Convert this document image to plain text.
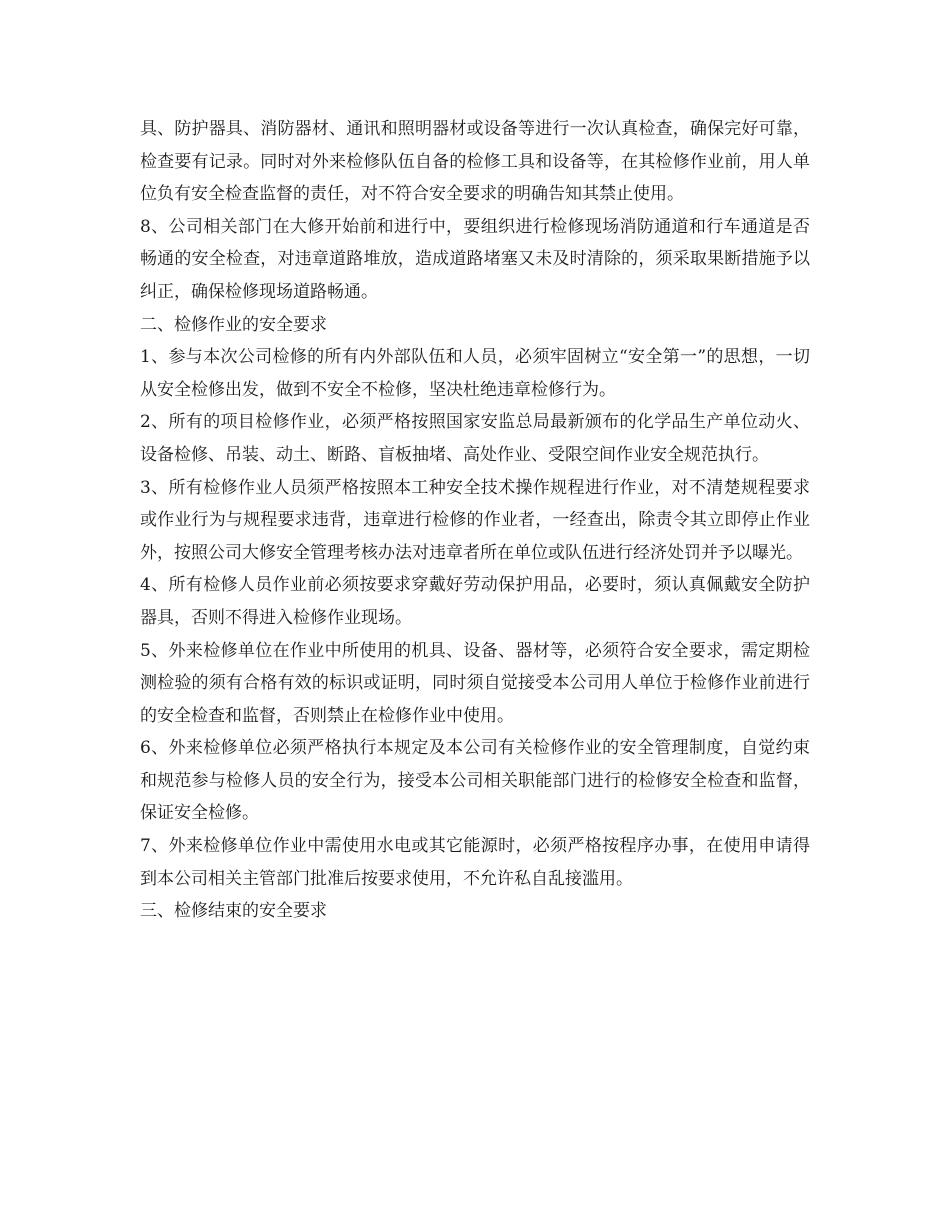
具、防护器具、消防器材、通讯和照明器材或设备等进行一次认真检查，确保完好可靠，检查要有记录。同时对外来检修队伍自备的检修工具和设备等，在其检修作业前，用人单位负有安全检查监督的责任，对不符合安全要求的明确告知其禁止使用。

8、公司相关部门在大修开始前和进行中，要组织进行检修现场消防通道和行车通道是否畅通的安全检查，对违章道路堆放，造成道路堵塞又未及时清除的，须采取果断措施予以纠正，确保检修现场道路畅通。

二、检修作业的安全要求

1、参与本次公司检修的所有内外部队伍和人员，必须牢固树立“安全第一”的思想，一切从安全检修出发，做到不安全不检修，坚决杜绝违章检修行为。

2、所有的项目检修作业，必须严格按照国家安监总局最新颁布的化学品生产单位动火、设备检修、吊装、动土、断路、盲板抽堵、高处作业、受限空间作业安全规范执行。

3、所有检修作业人员须严格按照本工种安全技术操作规程进行作业，对不清楚规程要求或作业行为与规程要求违背，违章进行检修的作业者，一经查出，除责令其立即停止作业外，按照公司大修安全管理考核办法对违章者所在单位或队伍进行经济处罚并予以曝光。

4、所有检修人员作业前必须按要求穿戴好劳动保护用品，必要时，须认真佩戴安全防护器具，否则不得进入检修作业现场。

5、外来检修单位在作业中所使用的机具、设备、器材等，必须符合安全要求，需定期检测检验的须有合格有效的标识或证明，同时须自觉接受本公司用人单位于检修作业前进行的安全检查和监督，否则禁止在检修作业中使用。

6、外来检修单位必须严格执行本规定及本公司有关检修作业的安全管理制度，自觉约束和规范参与检修人员的安全行为，接受本公司相关职能部门进行的检修安全检查和监督，保证安全检修。

7、外来检修单位作业中需使用水电或其它能源时，必须严格按程序办事，在使用申请得到本公司相关主管部门批准后按要求使用，不允许私自乱接滥用。

三、检修结束的安全要求
